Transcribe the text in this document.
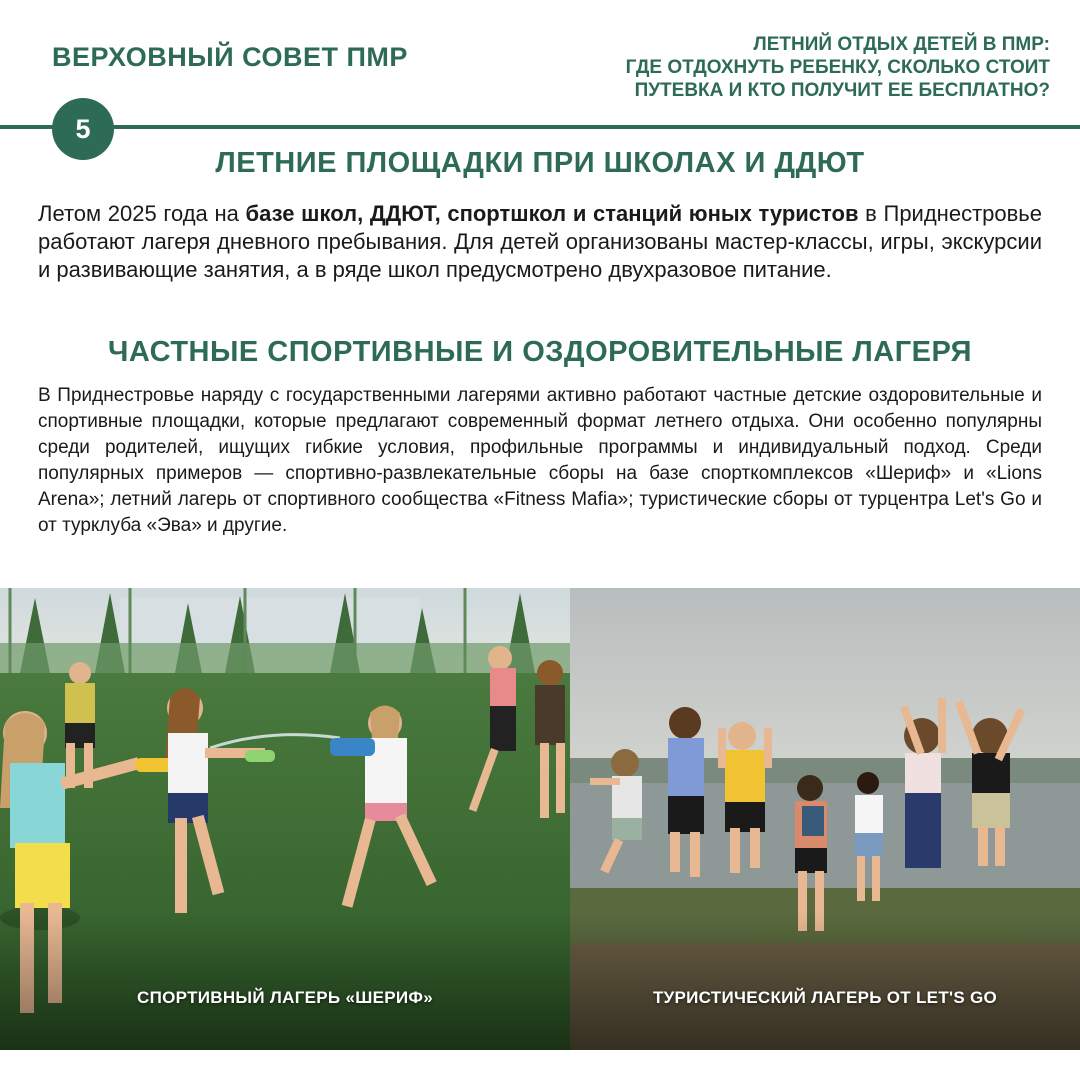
ВЕРХОВНЫЙ СОВЕТ ПМР	ЛЕТНИЙ ОТДЫХ ДЕТЕЙ В ПМР:
ГДЕ ОТДОХНУТЬ РЕБЕНКУ, СКОЛЬКО СТОИТ
ПУТЕВКА И КТО ПОЛУЧИТ ЕЕ БЕСПЛАТНО?
5
ЛЕТНИЕ ПЛОЩАДКИ ПРИ ШКОЛАХ И ДДЮТ
Летом 2025 года на базе школ, ДДЮТ, спортшкол и станций юных туристов в Приднестровье работают лагеря дневного пребывания. Для детей организованы мастер-классы, игры, экскурсии и развивающие занятия, а в ряде школ предусмотрено двухразовое питание.
ЧАСТНЫЕ СПОРТИВНЫЕ И ОЗДОРОВИТЕЛЬНЫЕ ЛАГЕРЯ
В Приднестровье наряду с государственными лагерями активно работают частные детские оздоровительные и спортивные площадки, которые предлагают современный формат летнего отдыха. Они особенно популярны среди родителей, ищущих гибкие условия, профильные программы и индивидуальный подход. Среди популярных примеров — спортивно-развлекательные сборы на базе спорткомплексов «Шериф» и «Lions Arena»; летний лагерь от спортивного сообщества «Fitness Mafia»; туристические сборы от турцентра Let's Go и от турклуба «Эва» и другие.
СПОРТИВНЫЙ ЛАГЕРЬ «ШЕРИФ»	ТУРИСТИЧЕСКИЙ ЛАГЕРЬ ОТ LET'S GO
